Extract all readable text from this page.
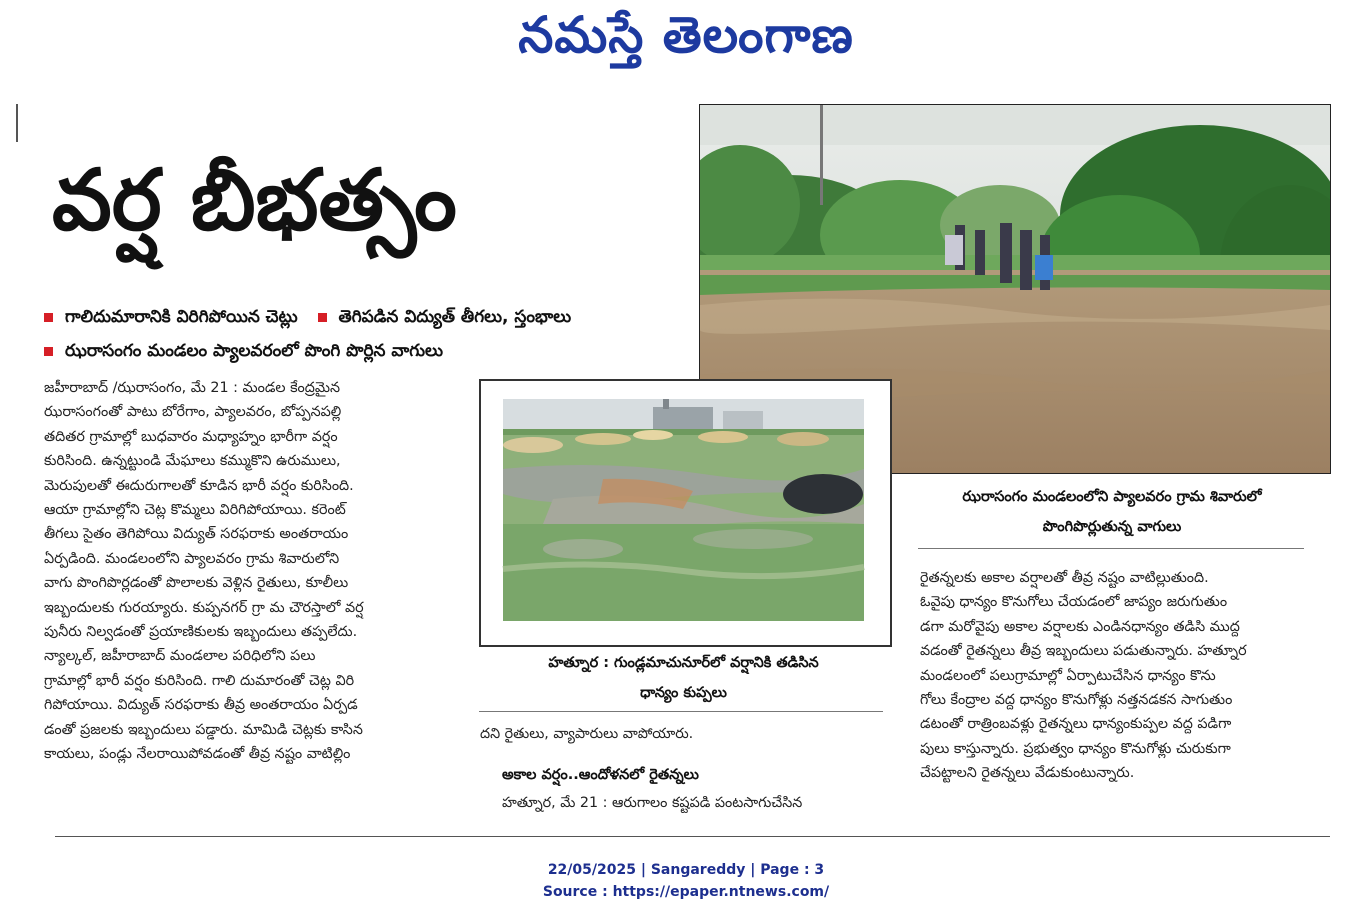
నమస్తే తెలంగాణ
వర్ష బీభత్సం
గాలిదుమారానికి విరిగిపోయిన చెట్లు తెగిపడిన విద్యుత్ తీగలు, స్తంభాలు
ఝరాసంగం మండలం ప్యాలవరంలో పొంగి పొర్లిన వాగులు

జహీరాబాద్ /ఝరాసంగం, మే 21 : మండల కేంద్రమైన

ఝరాసంగంతో పాటు బోరేగాం, ప్యాలవరం, బోప్పనపల్లి

తదితర గ్రామాల్లో బుధవారం మధ్యాహ్నం భారీగా వర్షం

కురిసింది. ఉన్నట్టుండి మేఘాలు కమ్ముకొని ఉరుములు,

మెరుపులతో ఈదురుగాలతో కూడిన భారీ వర్షం కురిసింది.

ఆయా గ్రామాల్లోని చెట్ల కొమ్మలు విరిగిపోయాయి. కరెంట్

తీగలు సైతం తెగిపోయి విద్యుత్ సరఫరాకు అంతరాయం

ఏర్పడింది. మండలంలోని ప్యాలవరం గ్రామ శివారులోని

వాగు పొంగిపొర్లడంతో పొలాలకు వెళ్లిన రైతులు, కూలీలు

ఇబ్బందులకు గురయ్యారు. కుప్పనగర్ గ్రా మ చౌరస్తాలో వర్ష

పునీరు నిల్వడంతో ప్రయాణికులకు ఇబ్బందులు తప్పలేదు.

న్యాల్కల్, జహీరాబాద్ మండలాల పరిధిలోని పలు

గ్రామాల్లో భారీ వర్షం కురిసింది. గాలి దుమారంతో చెట్ల విరి

గిపోయాయి. విద్యుత్ సరఫరాకు తీవ్ర అంతరాయం ఏర్పడ

డంతో ప్రజలకు ఇబ్బందులు పడ్డారు. మామిడి చెట్లకు కాసిన

కాయలు, పండ్లు నేలరాయిపోవడంతో తీవ్ర నష్టం వాటిల్లిం

ఝరాసంగం మండలంలోని ప్యాలవరం గ్రామ శివారులో
పొంగిపొర్లుతున్న వాగులు

రైతన్నలకు అకాల వర్షాలతో తీవ్ర నష్టం వాటిల్లుతుంది.

ఓవైపు ధాన్యం కొనుగోలు చేయడంలో జాప్యం జరుగుతుం

డగా మరోవైపు అకాల వర్షాలకు ఎండినధాన్యం తడిసి ముద్ద

వడంతో రైతన్నలు తీవ్ర ఇబ్బందులు పడుతున్నారు. హత్నూర

మండలంలో పలుగ్రామాల్లో ఏర్పాటుచేసిన ధాన్యం కొను

గోలు కేంద్రాల వద్ద ధాన్యం కొనుగోళ్లు నత్తనడకన సాగుతుం

డటంతో రాత్రింబవళ్లు రైతన్నలు ధాన్యంకుప్పల వద్ద పడిగా

పులు కాస్తున్నారు. ప్రభుత్వం ధాన్యం కొనుగోళ్లు చురుకుగా

చేపట్టాలని రైతన్నలు వేడుకుంటున్నారు.

హత్నూర : గుండ్లమాచునూర్‌లో వర్షానికి తడిసిన
ధాన్యం కుప్పలు
దని రైతులు, వ్యాపారులు వాపోయారు.
అకాల వర్షం..ఆందోళనలో రైతన్నలు
హత్నూర, మే 21 : ఆరుగాలం కష్టపడి పంటసాగుచేసిన
22/05/2025 | Sangareddy | Page : 3
Source : https://epaper.ntnews.com/
